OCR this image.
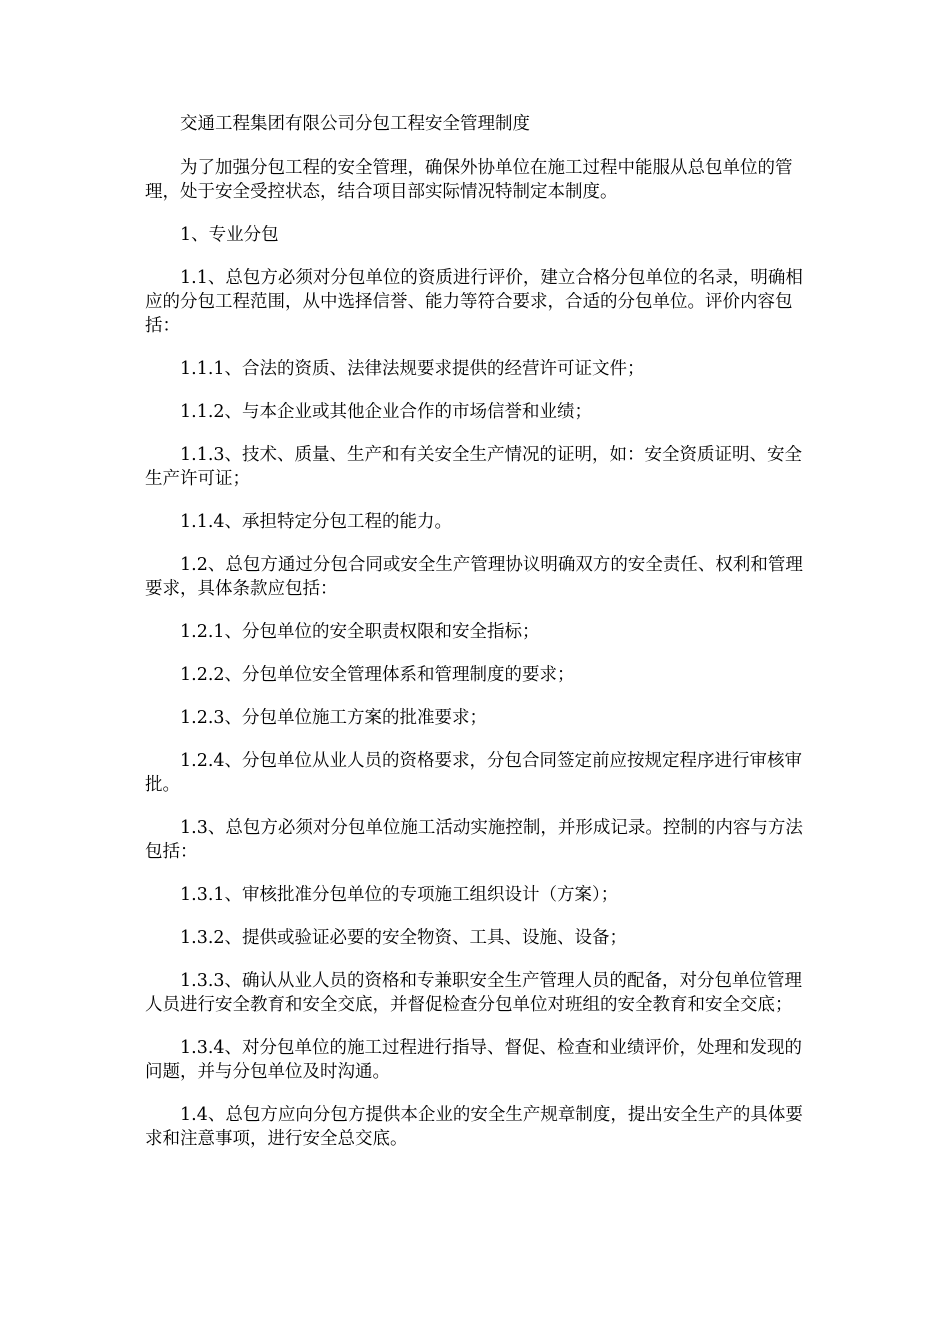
交通工程集团有限公司分包工程安全管理制度

为了加强分包工程的安全管理，确保外协单位在施工过程中能服从总包单位的管理，处于安全受控状态，结合项目部实际情况特制定本制度。

1、专业分包

1.1、总包方必须对分包单位的资质进行评价，建立合格分包单位的名录，明确相应的分包工程范围，从中选择信誉、能力等符合要求，合适的分包单位。评价内容包括：

1.1.1、合法的资质、法律法规要求提供的经营许可证文件；

1.1.2、与本企业或其他企业合作的市场信誉和业绩；

1.1.3、技术、质量、生产和有关安全生产情况的证明，如：安全资质证明、安全生产许可证；

1.1.4、承担特定分包工程的能力。

1.2、总包方通过分包合同或安全生产管理协议明确双方的安全责任、权利和管理要求，具体条款应包括：

1.2.1、分包单位的安全职责权限和安全指标；

1.2.2、分包单位安全管理体系和管理制度的要求；

1.2.3、分包单位施工方案的批准要求；

1.2.4、分包单位从业人员的资格要求，分包合同签定前应按规定程序进行审核审批。

1.3、总包方必须对分包单位施工活动实施控制，并形成记录。控制的内容与方法包括：

1.3.1、审核批准分包单位的专项施工组织设计（方案）；

1.3.2、提供或验证必要的安全物资、工具、设施、设备；

1.3.3、确认从业人员的资格和专兼职安全生产管理人员的配备，对分包单位管理人员进行安全教育和安全交底，并督促检查分包单位对班组的安全教育和安全交底；

1.3.4、对分包单位的施工过程进行指导、督促、检查和业绩评价，处理和发现的问题，并与分包单位及时沟通。

1.4、总包方应向分包方提供本企业的安全生产规章制度，提出安全生产的具体要求和注意事项，进行安全总交底。
